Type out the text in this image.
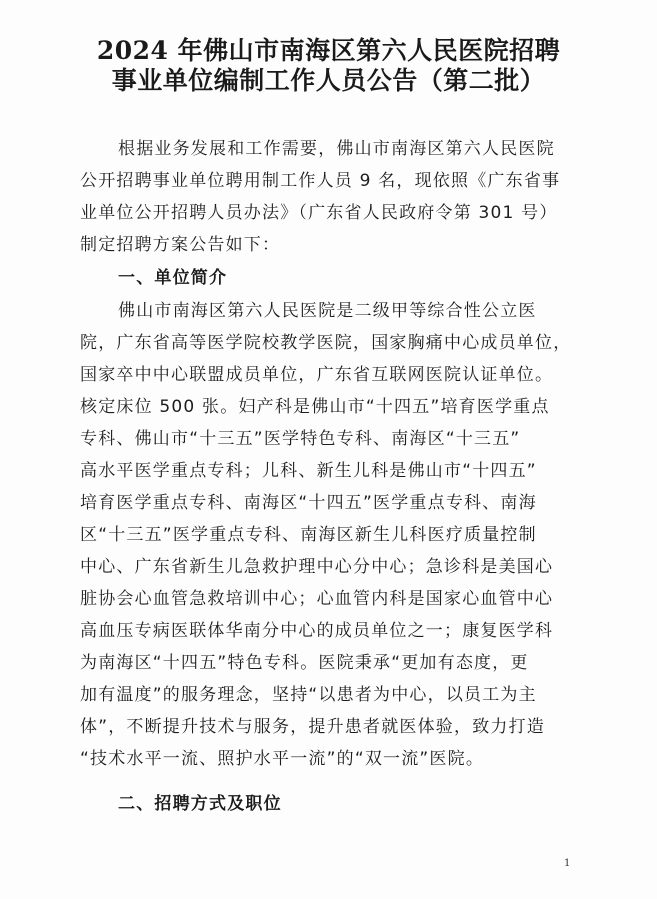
2024 年佛山市南海区第六人民医院招聘
事业单位编制工作人员公告（第二批）
根据业务发展和工作需要，佛山市南海区第六人民医院
公开招聘事业单位聘用制工作人员 9 名，现依照《广东省事
业单位公开招聘人员办法》（广东省人民政府令第 301 号）
制定招聘方案公告如下：
一、单位简介
佛山市南海区第六人民医院是二级甲等综合性公立医
院，广东省高等医学院校教学医院，国家胸痛中心成员单位，
国家卒中中心联盟成员单位，广东省互联网医院认证单位。
核定床位 500 张。妇产科是佛山市“十四五”培育医学重点
专科、佛山市“十三五”医学特色专科、南海区“十三五”
高水平医学重点专科；儿科、新生儿科是佛山市“十四五”
培育医学重点专科、南海区“十四五”医学重点专科、南海
区“十三五”医学重点专科、南海区新生儿科医疗质量控制
中心、广东省新生儿急救护理中心分中心；急诊科是美国心
脏协会心血管急救培训中心；心血管内科是国家心血管中心
高血压专病医联体华南分中心的成员单位之一；康复医学科
为南海区“十四五”特色专科。医院秉承“更加有态度，更
加有温度”的服务理念，坚持“以患者为中心，以员工为主
体”，不断提升技术与服务，提升患者就医体验，致力打造
“技术水平一流、照护水平一流”的“双一流”医院。
二、招聘方式及职位
1
